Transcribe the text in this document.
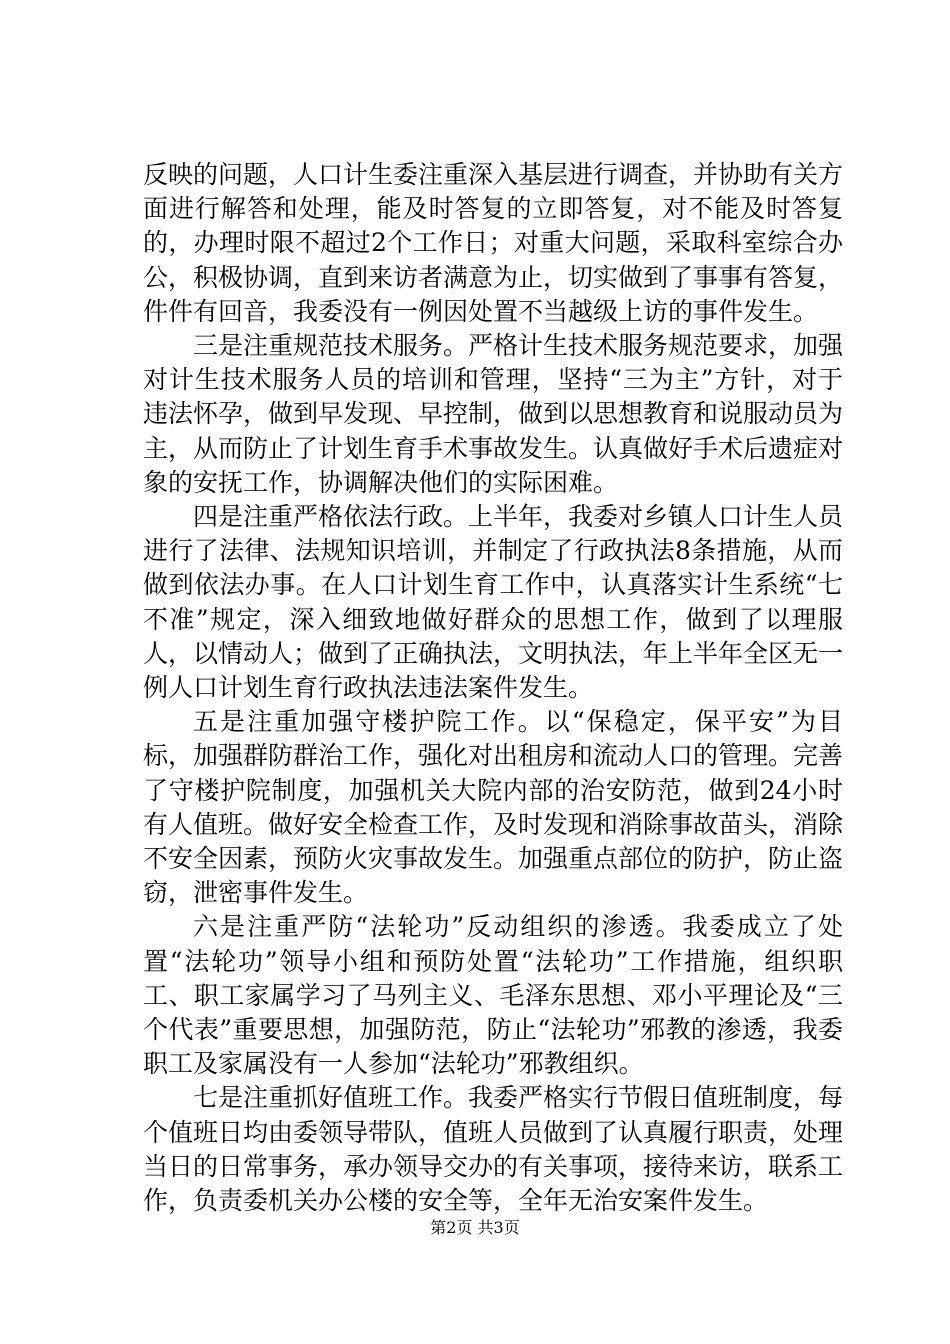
反映的问题，人口计生委注重深入基层进行调查，并协助有关方面进行解答和处理，能及时答复的立即答复，对不能及时答复的，办理时限不超过2个工作日；对重大问题，采取科室综合办公，积极协调，直到来访者满意为止，切实做到了事事有答复，件件有回音，我委没有一例因处置不当越级上访的事件发生。

三是注重规范技术服务。严格计生技术服务规范要求，加强对计生技术服务人员的培训和管理，坚持“三为主”方针，对于违法怀孕，做到早发现、早控制，做到以思想教育和说服动员为主，从而防止了计划生育手术事故发生。认真做好手术后遗症对象的安抚工作，协调解决他们的实际困难。

四是注重严格依法行政。上半年，我委对乡镇人口计生人员进行了法律、法规知识培训，并制定了行政执法8条措施，从而做到依法办事。在人口计划生育工作中，认真落实计生系统“七不准”规定，深入细致地做好群众的思想工作，做到了以理服人，以情动人；做到了正确执法，文明执法，年上半年全区无一例人口计划生育行政执法违法案件发生。

五是注重加强守楼护院工作。以“保稳定，保平安”为目标，加强群防群治工作，强化对出租房和流动人口的管理。完善了守楼护院制度，加强机关大院内部的治安防范，做到24小时有人值班。做好安全检查工作，及时发现和消除事故苗头，消除不安全因素，预防火灾事故发生。加强重点部位的防护，防止盗窃，泄密事件发生。

六是注重严防“法轮功”反动组织的渗透。我委成立了处置“法轮功”领导小组和预防处置“法轮功”工作措施，组织职工、职工家属学习了马列主义、毛泽东思想、邓小平理论及“三个代表”重要思想，加强防范，防止“法轮功”邪教的渗透，我委职工及家属没有一人参加“法轮功”邪教组织。

七是注重抓好值班工作。我委严格实行节假日值班制度，每个值班日均由委领导带队，值班人员做到了认真履行职责，处理当日的日常事务，承办领导交办的有关事项，接待来访，联系工作，负责委机关办公楼的安全等，全年无治安案件发生。

第2页 共3页
